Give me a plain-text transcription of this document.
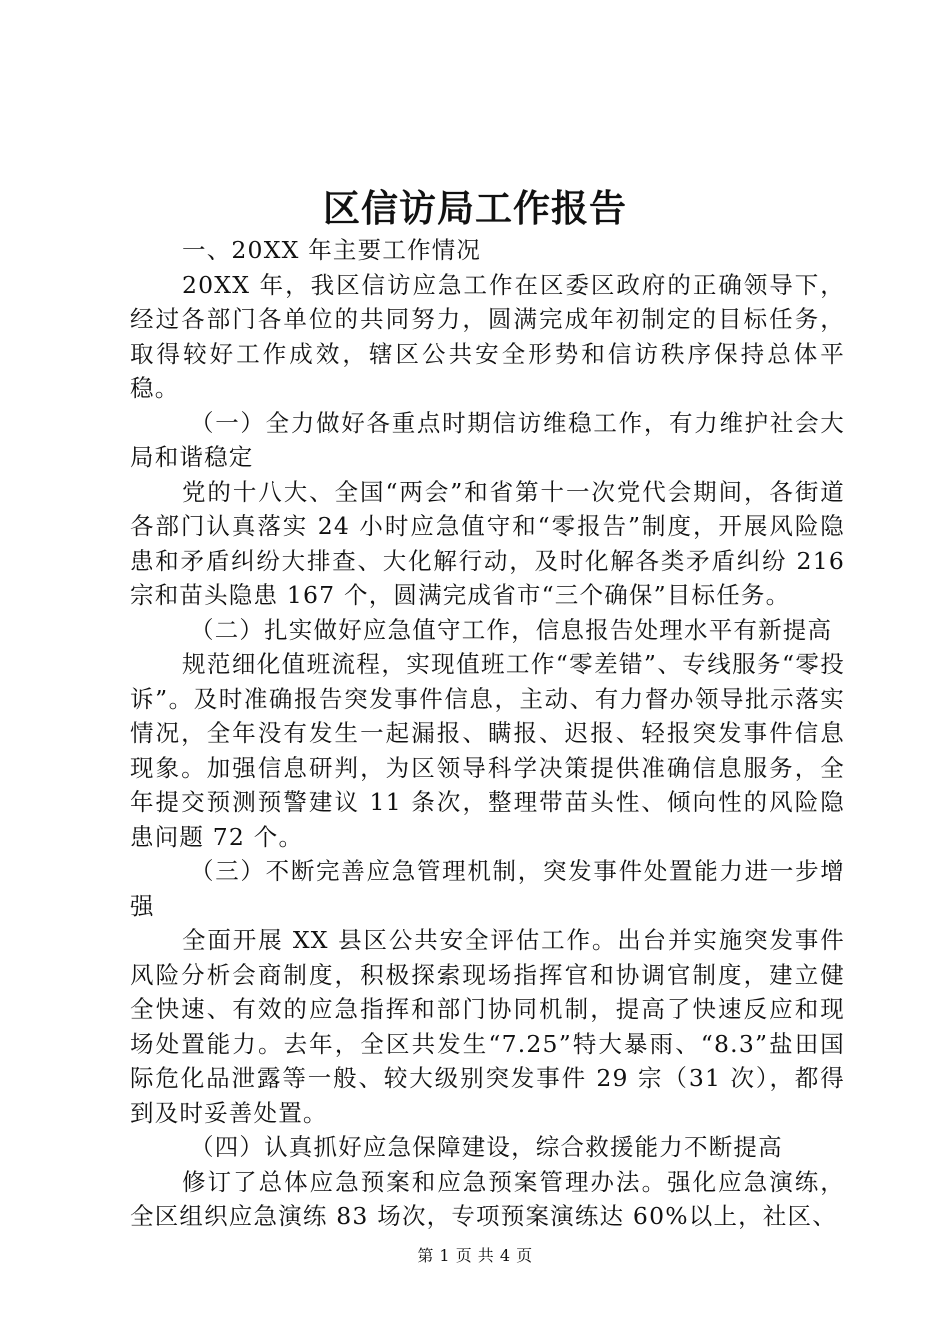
区信访局工作报告

一、20XX 年主要工作情况

20XX 年，我区信访应急工作在区委区政府的正确领导下，经过各部门各单位的共同努力，圆满完成年初制定的目标任务，取得较好工作成效，辖区公共安全形势和信访秩序保持总体平稳。

（一）全力做好各重点时期信访维稳工作，有力维护社会大局和谐稳定

党的十八大、全国“两会”和省第十一次党代会期间，各街道各部门认真落实 24 小时应急值守和“零报告”制度，开展风险隐患和矛盾纠纷大排查、大化解行动，及时化解各类矛盾纠纷 216 宗和苗头隐患 167 个，圆满完成省市“三个确保”目标任务。

（二）扎实做好应急值守工作，信息报告处理水平有新提高

规范细化值班流程，实现值班工作“零差错”、专线服务“零投诉”。及时准确报告突发事件信息，主动、有力督办领导批示落实情况，全年没有发生一起漏报、瞒报、迟报、轻报突发事件信息现象。加强信息研判，为区领导科学决策提供准确信息服务，全年提交预测预警建议 11 条次，整理带苗头性、倾向性的风险隐患问题 72 个。

（三）不断完善应急管理机制，突发事件处置能力进一步增强

全面开展 XX 县区公共安全评估工作。出台并实施突发事件风险分析会商制度，积极探索现场指挥官和协调官制度，建立健全快速、有效的应急指挥和部门协同机制，提高了快速反应和现场处置能力。去年，全区共发生“7.25”特大暴雨、“8.3”盐田国际危化品泄露等一般、较大级别突发事件 29 宗（31 次），都得到及时妥善处置。

（四）认真抓好应急保障建设，综合救援能力不断提高

修订了总体应急预案和应急预案管理办法。强化应急演练，全区组织应急演练 83 场次，专项预案演练达 60%以上，社区、

第 1 页 共 4 页
